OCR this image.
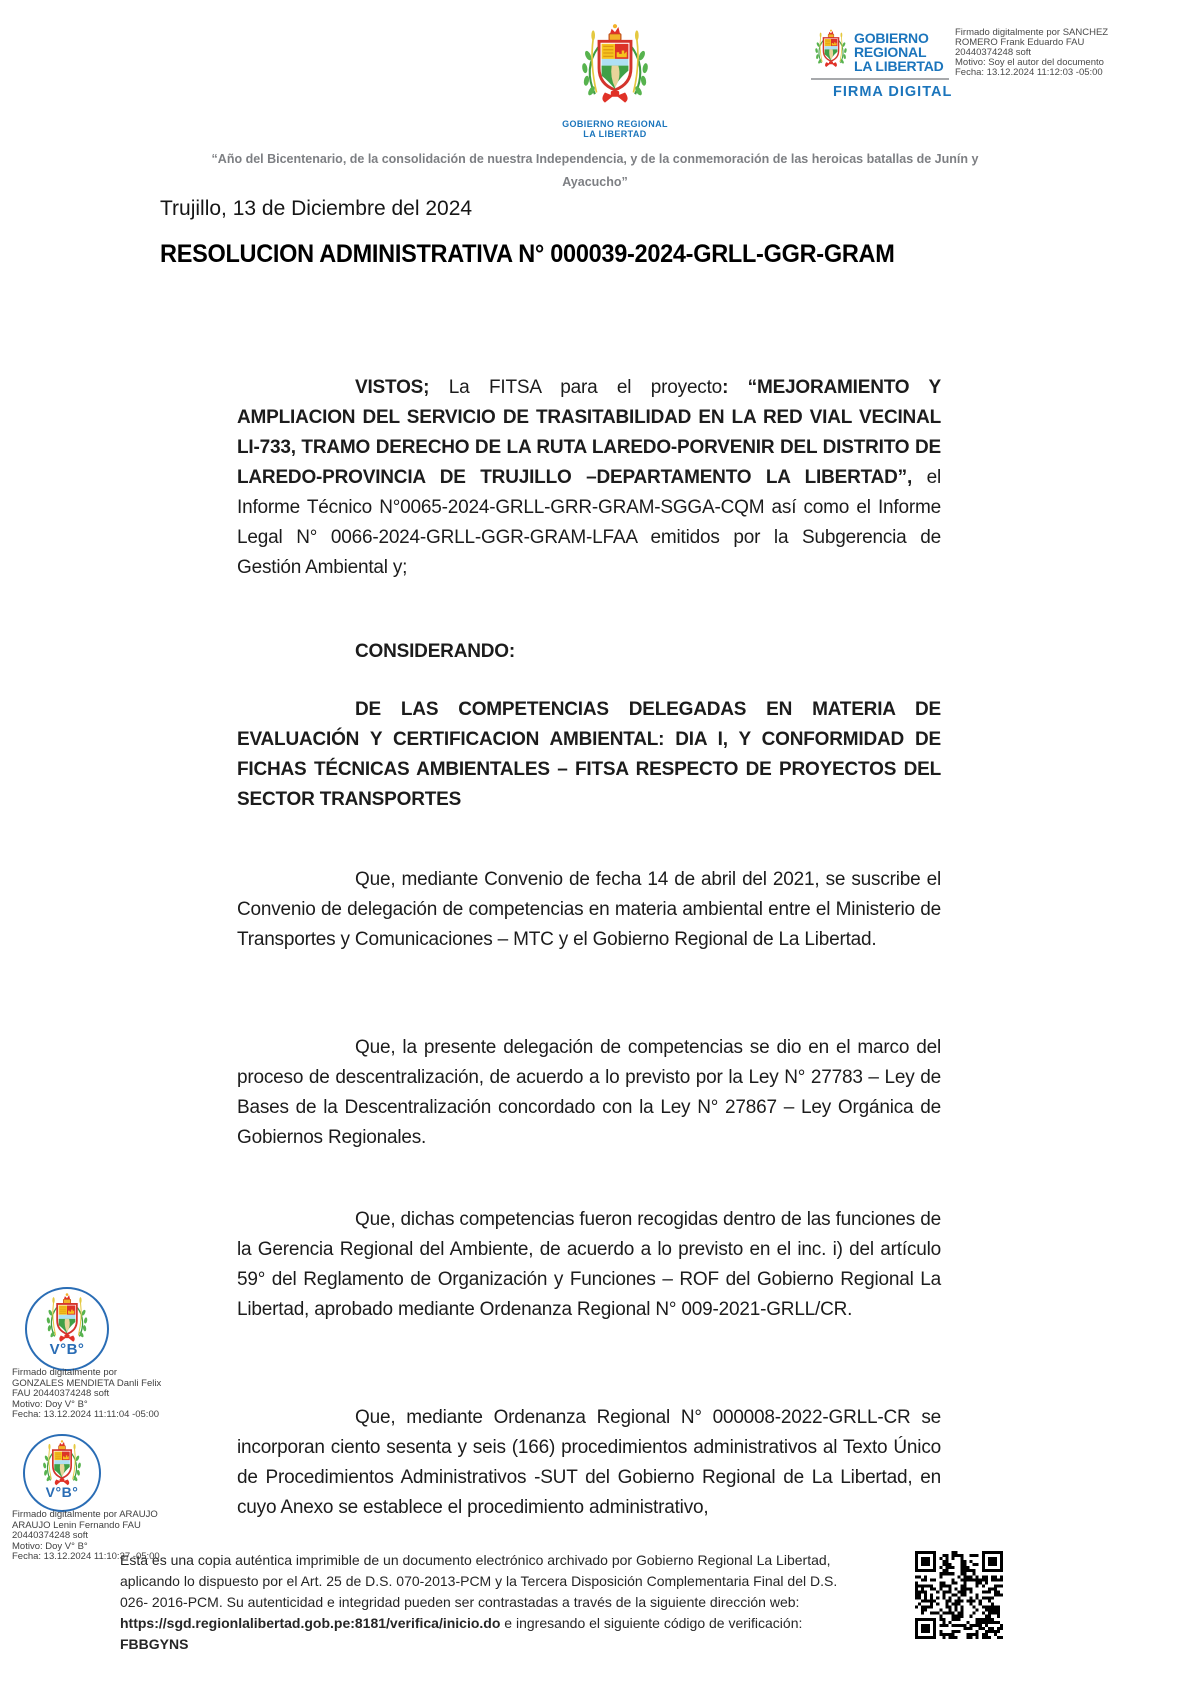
GOBIERNO REGIONAL
LA LIBERTAD
GOBIERNO
REGIONAL
LA LIBERTAD
FIRMA DIGITAL
Firmado digitalmente por SANCHEZ
ROMERO Frank Eduardo FAU
20440374248 soft
Motivo: Soy el autor del documento
Fecha: 13.12.2024 11:12:03 -05:00
“Año del Bicentenario, de la consolidación de nuestra Independencia, y de la conmemoración de las heroicas batallas de Junín y Ayacucho”
Trujillo, 13 de Diciembre del 2024
RESOLUCION ADMINISTRATIVA N° 000039-2024-GRLL-GGR-GRAM

VISTOS; La FITSA para el proyecto: “MEJORAMIENTO Y AMPLIACION DEL SERVICIO DE TRASITABILIDAD EN LA RED VIAL VECINAL LI-733, TRAMO DERECHO DE LA RUTA LAREDO-PORVENIR DEL DISTRITO DE LAREDO-PROVINCIA DE TRUJILLO –DEPARTAMENTO LA LIBERTAD”, el Informe Técnico N°0065-2024-GRLL-GRR-GRAM-SGGA-CQM así como el Informe Legal N° 0066-2024-GRLL-GGR-GRAM-LFAA emitidos por la Subgerencia de Gestión Ambiental y;

CONSIDERANDO:

DE LAS COMPETENCIAS DELEGADAS EN MATERIA DE EVALUACIÓN Y CERTIFICACION AMBIENTAL: DIA I, Y CONFORMIDAD DE FICHAS TÉCNICAS AMBIENTALES – FITSA RESPECTO DE PROYECTOS DEL SECTOR TRANSPORTES

Que, mediante Convenio de fecha 14 de abril del 2021, se suscribe el Convenio de delegación de competencias en materia ambiental entre el Ministerio de Transportes y Comunicaciones – MTC y el Gobierno Regional de La Libertad.

Que, la presente delegación de competencias se dio en el marco del proceso de descentralización, de acuerdo a lo previsto por la Ley N° 27783 – Ley de Bases de la Descentralización concordado con la Ley N° 27867 – Ley Orgánica de Gobiernos Regionales.

Que, dichas competencias fueron recogidas dentro de las funciones de la Gerencia Regional del Ambiente, de acuerdo a lo previsto en el inc. i) del artículo 59° del Reglamento de Organización y Funciones – ROF del Gobierno Regional La Libertad, aprobado mediante Ordenanza Regional N° 009-2021-GRLL/CR.

Que, mediante Ordenanza Regional N° 000008-2022-GRLL-CR se incorporan ciento sesenta y seis (166) procedimientos administrativos al Texto Único de Procedimientos Administrativos -SUT del Gobierno Regional de La Libertad, en cuyo Anexo se establece el procedimiento administrativo,

V°B°
Firmado digitalmente por
GONZALES MENDIETA Danli Felix
FAU 20440374248 soft
Motivo: Doy V° B°
Fecha: 13.12.2024 11:11:04 -05:00
V°B°
Firmado digitalmente por ARAUJO
ARAUJO Lenin Fernando FAU
20440374248 soft
Motivo: Doy V° B°
Fecha: 13.12.2024 11:10:37 -05:00

Esta es una copia auténtica imprimible de un documento electrónico archivado por Gobierno Regional La Libertad, aplicando lo dispuesto por el Art. 25 de D.S. 070-2013-PCM y la Tercera Disposición Complementaria Final del D.S. 026- 2016-PCM. Su autenticidad e integridad pueden ser contrastadas a través de la siguiente dirección web: https://sgd.regionlalibertad.gob.pe:8181/verifica/inicio.do e ingresando el siguiente código de verificación: FBBGYNS
